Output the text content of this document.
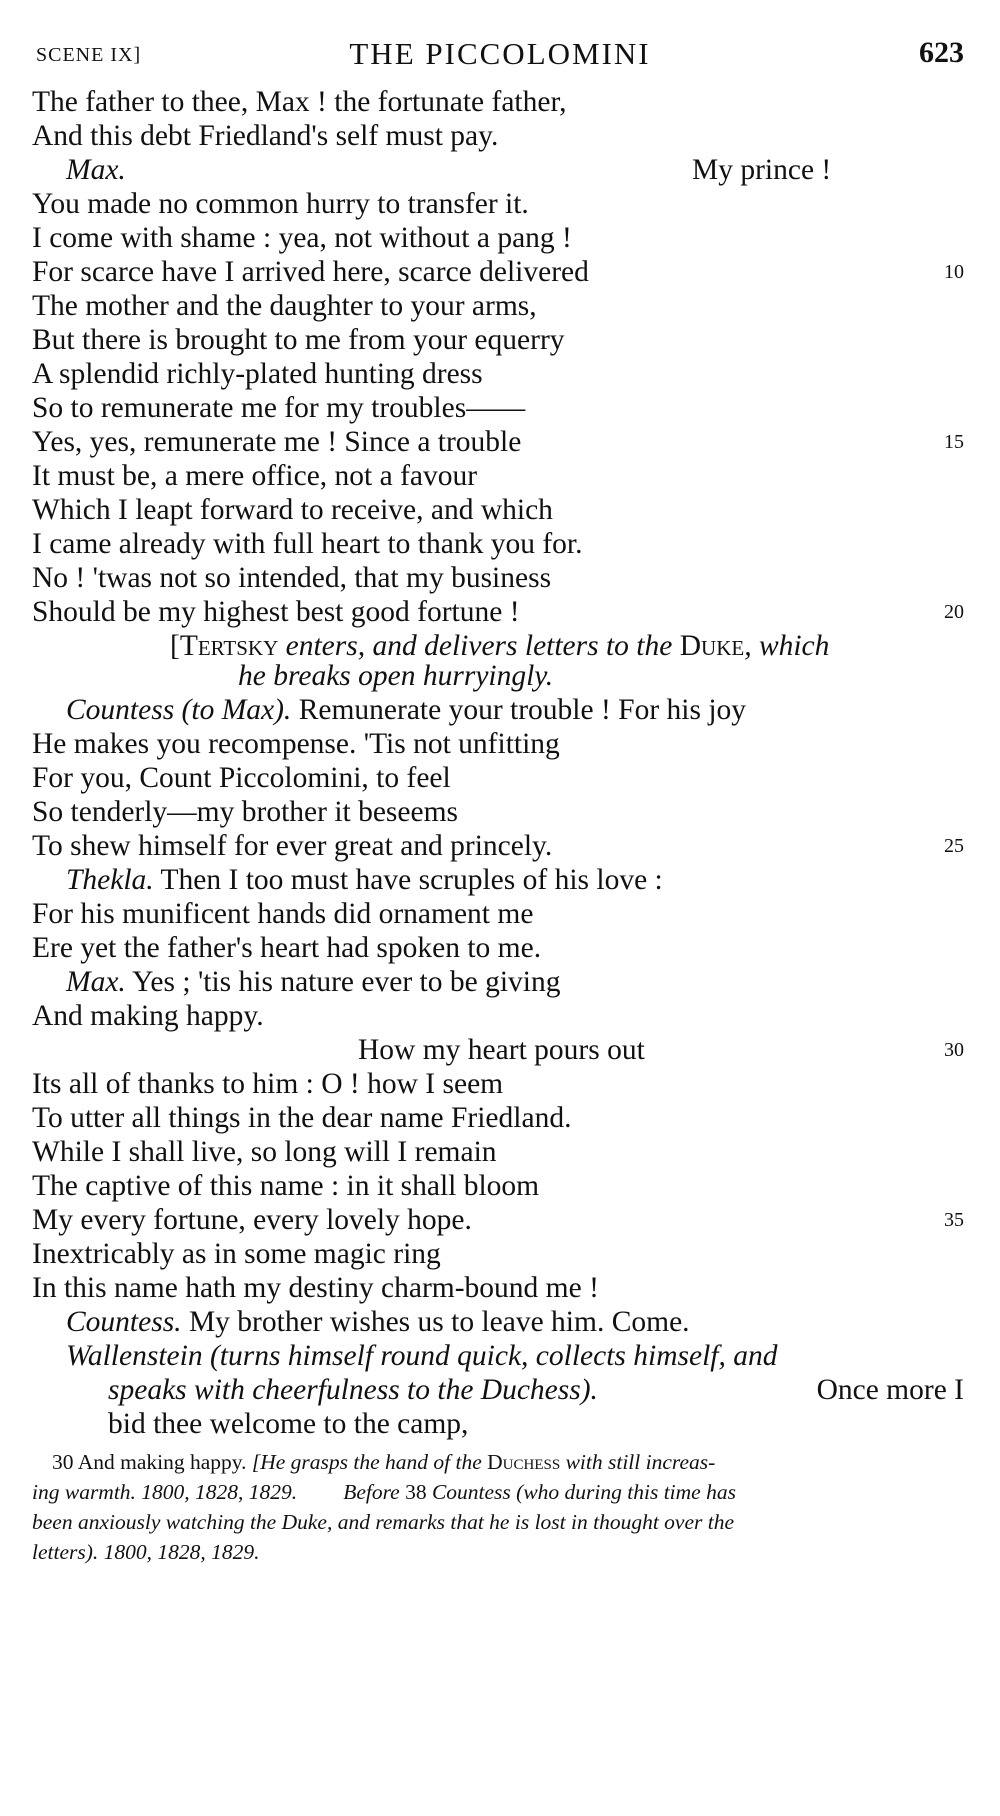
SCENE IX]	THE PICCOLOMINI	623
The father to thee, Max ! the fortunate father,
And this debt Friedland's self must pay.
Max.	My prince !
You made no common hurry to transfer it.
I come with shame : yea, not without a pang !
For scarce have I arrived here, scarce delivered	10
The mother and the daughter to your arms,
But there is brought to me from your equerry
A splendid richly-plated hunting dress
So to remunerate me for my troubles——
Yes, yes, remunerate me ! Since a trouble	15
It must be, a mere office, not a favour
Which I leapt forward to receive, and which
I came already with full heart to thank you for.
No ! 'twas not so intended, that my business
Should be my highest best good fortune !	20
[Tertsky enters, and delivers letters to the Duke, which
he breaks open hurryingly.
Countess (to Max). Remunerate your trouble ! For his joy
He makes you recompense. 'Tis not unfitting
For you, Count Piccolomini, to feel
So tenderly—my brother it beseems
To shew himself for ever great and princely.	25
Thekla. Then I too must have scruples of his love :
For his munificent hands did ornament me
Ere yet the father's heart had spoken to me.
Max. Yes ; 'tis his nature ever to be giving
And making happy.
How my heart pours out	30
Its all of thanks to him : O ! how I seem
To utter all things in the dear name Friedland.
While I shall live, so long will I remain
The captive of this name : in it shall bloom
My every fortune, every lovely hope.	35
Inextricably as in some magic ring
In this name hath my destiny charm-bound me !
Countess. My brother wishes us to leave him. Come.
Wallenstein (turns himself round quick, collects himself, and
speaks with cheerfulness to the Duchess).	Once more I
bid thee welcome to the camp,
30 And making happy. [He grasps the hand of the Duchess with still increas-
ing warmth. 1800, 1828, 1829. Before 38 Countess (who during this time has
been anxiously watching the Duke, and remarks that he is lost in thought over the
letters). 1800, 1828, 1829.
